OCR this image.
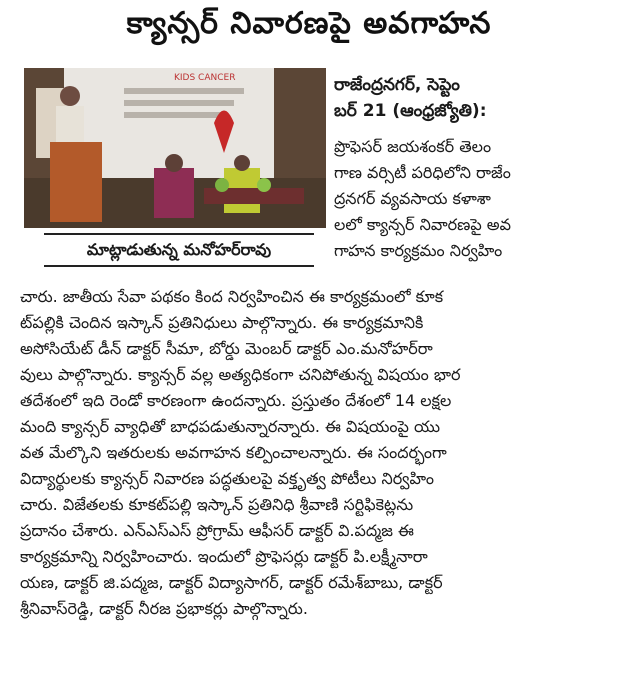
క్యాన్సర్ నివారణపై అవగాహన
KIDS CANCER
మాట్లాడుతున్న మనోహర్‌రావు
రాజేంద్రనగర్, సెప్టెం
బర్ 21 (ఆంధ్రజ్యోతి):
ప్రొఫెసర్ జయశంకర్ తెలం
గాణ వర్సిటీ పరిధిలోని రాజేం
ద్రనగర్ వ్యవసాయ కళాశా
లలో క్యాన్సర్ నివారణపై అవ
గాహన కార్యక్రమం నిర్వహిం
చారు. జాతీయ సేవా పథకం కింద నిర్వహించిన ఈ కార్యక్రమంలో కూక
ట్‌పల్లికి చెందిన ఇస్కాన్ ప్రతినిధులు పాల్గొన్నారు. ఈ కార్యక్రమానికి
అసోసియేట్ డీన్ డాక్టర్ సీమా, బోర్డు మెంబర్ డాక్టర్ ఎం.మనోహర్‌రా
వులు పాల్గొన్నారు. క్యాన్సర్ వల్ల అత్యధికంగా చనిపోతున్న విషయం భార
తదేశంలో ఇది రెండో కారణంగా ఉందన్నారు. ప్రస్తుతం దేశంలో 14 లక్షల
మంది క్యాన్సర్ వ్యాధితో బాధపడుతున్నారన్నారు. ఈ విషయంపై యు
వత మేల్కొని ఇతరులకు అవగాహన కల్పించాలన్నారు. ఈ సందర్భంగా
విద్యార్థులకు క్యాన్సర్ నివారణ పద్ధతులపై వక్తృత్వ పోటీలు నిర్వహిం
చారు. విజేతలకు కూకట్‌పల్లి ఇస్కాన్ ప్రతినిధి శ్రీవాణి సర్టిఫికెట్లను
ప్రదానం చేశారు. ఎన్ఎస్ఎస్ ప్రోగ్రామ్ ఆఫీసర్ డాక్టర్ వి.పద్మజ ఈ
కార్యక్రమాన్ని నిర్వహించారు. ఇందులో ప్రొఫెసర్లు డాక్టర్ పి.లక్ష్మీనారా
యణ, డాక్టర్ జి.పద్మజ, డాక్టర్ విద్యాసాగర్, డాక్టర్ రమేశ్‌బాబు, డాక్టర్
శ్రీనివాస్‌రెడ్డి, డాక్టర్ నీరజ ప్రభాకర్లు పాల్గొన్నారు.
